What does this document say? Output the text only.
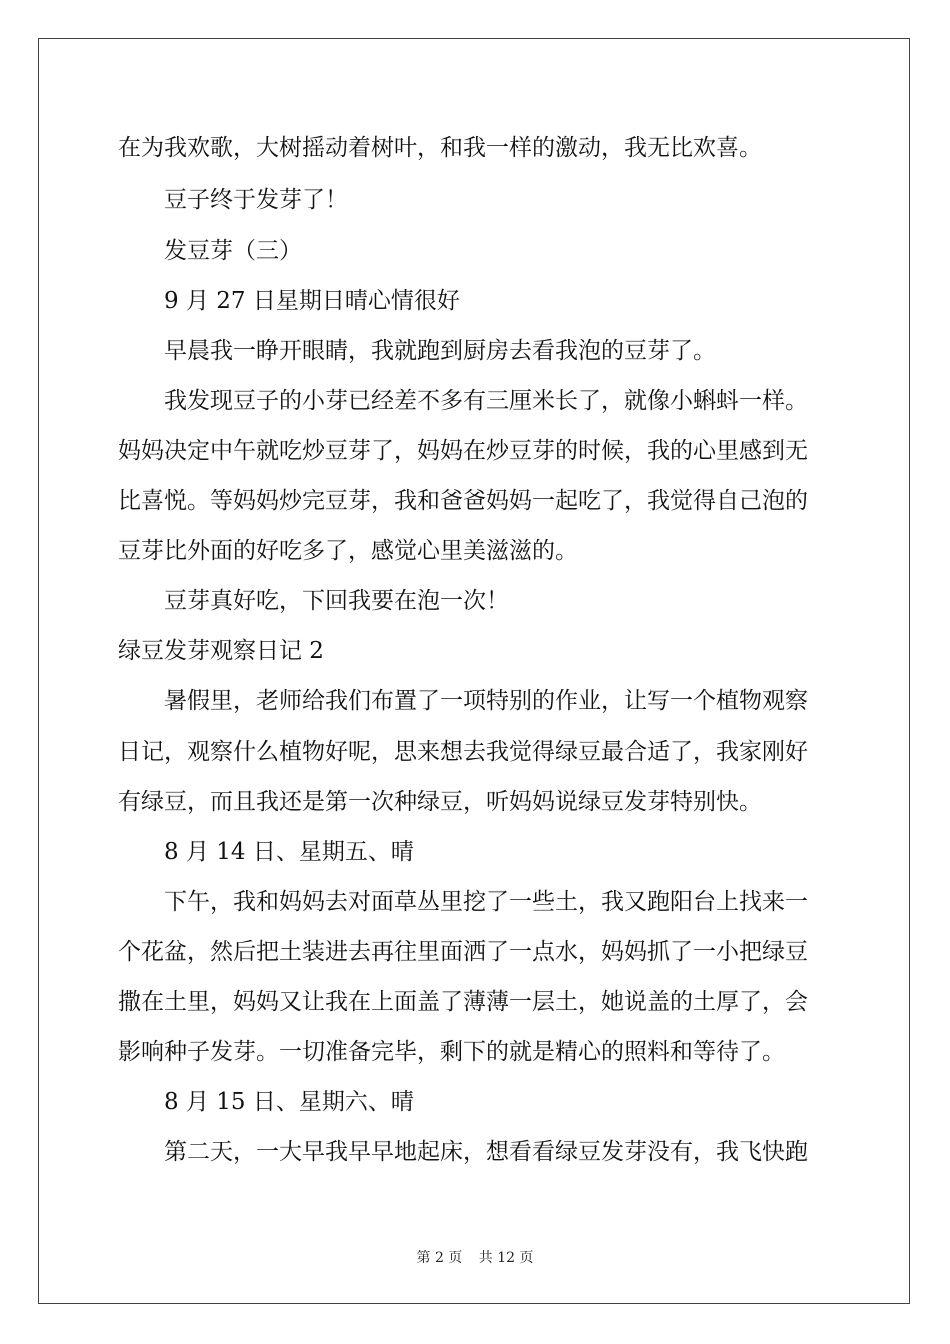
在为我欢歌，大树摇动着树叶，和我一样的激动，我无比欢喜。
豆子终于发芽了！
发豆芽（三）
9 月 27 日星期日晴心情很好
早晨我一睁开眼睛，我就跑到厨房去看我泡的豆芽了。
我发现豆子的小芽已经差不多有三厘米长了，就像小蝌蚪一样。
妈妈决定中午就吃炒豆芽了，妈妈在炒豆芽的时候，我的心里感到无
比喜悦。等妈妈炒完豆芽，我和爸爸妈妈一起吃了，我觉得自己泡的
豆芽比外面的好吃多了，感觉心里美滋滋的。
豆芽真好吃，下回我要在泡一次！
绿豆发芽观察日记 2
暑假里，老师给我们布置了一项特别的作业，让写一个植物观察
日记，观察什么植物好呢，思来想去我觉得绿豆最合适了，我家刚好
有绿豆，而且我还是第一次种绿豆，听妈妈说绿豆发芽特别快。
8 月 14 日、星期五、晴
下午，我和妈妈去对面草丛里挖了一些土，我又跑阳台上找来一
个花盆，然后把土装进去再往里面洒了一点水，妈妈抓了一小把绿豆
撒在土里，妈妈又让我在上面盖了薄薄一层土，她说盖的土厚了，会
影响种子发芽。一切准备完毕，剩下的就是精心的照料和等待了。
8 月 15 日、星期六、晴
第二天，一大早我早早地起床，想看看绿豆发芽没有，我飞快跑
第 2 页 共 12 页
